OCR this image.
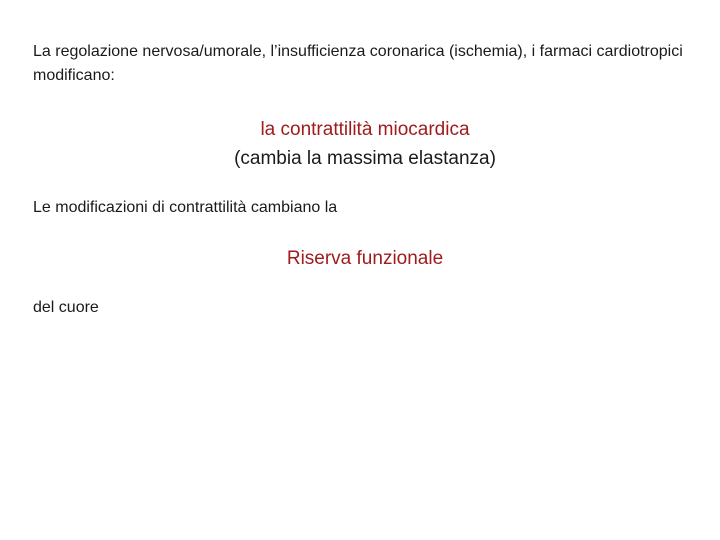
La regolazione nervosa/umorale, l’insufficienza coronarica (ischemia), i farmaci cardiotropici modificano:

la contrattilità miocardica
(cambia la massima elastanza)

Le modificazioni di contrattilità cambiano la

Riserva funzionale

del cuore
